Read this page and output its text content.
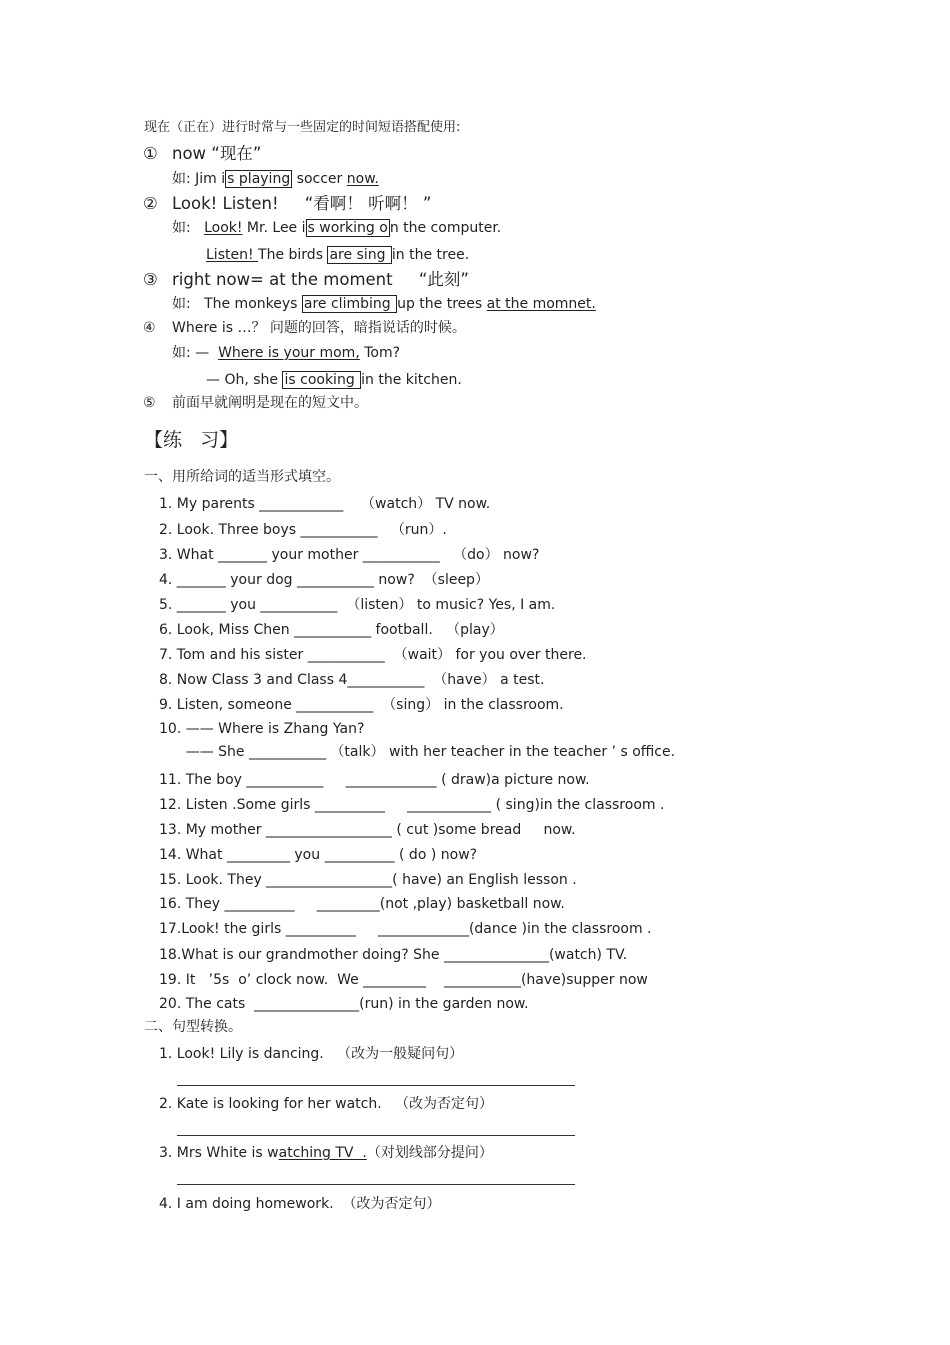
现在（正在）进行时常与一些固定的时间短语搭配使用:
① now “现在”
如: Jim i s playing soccer now.
② Look! Listen!     “看啊！ 听啊！ ”
如:   Look! Mr. Lee i s working o n the computer.
Listen! The birds are sing in the tree.
③ right now= at the moment     “此刻”
如:   The monkeys are climbing up the trees at the momnet.
④ Where is …？ 问题的回答，暗指说话的时候。
如: —  Where is your mom, Tom?
— Oh, she is cooking in the kitchen.
⑤ 前面早就阐明是现在的短文中。
【练   习】
一、用所给词的适当形式填空。
1. My parents ____________    （watch） TV now.
2. Look. Three boys ___________   （run）.
3. What _______ your mother ___________   （do） now?
4. _______ your dog ___________ now?  （sleep）
5. _______ you ___________  （listen） to music? Yes, I am.
6. Look, Miss Chen ___________ football.   （play）
7. Tom and his sister ___________  （wait） for you over there.
8. Now Class 3 and Class 4___________  （have） a test.
9. Listen, someone ___________  （sing） in the classroom.
10. —— Where is Zhang Yan?
—— She ___________ （talk） with her teacher in the teacher ’ s office.
11. The boy ___________     _____________ ( draw)a picture now.
12. Listen .Some girls __________     ____________ ( sing)in the classroom .
13. My mother __________________ ( cut )some bread     now.
14. What _________ you __________ ( do ) now?
15. Look. They __________________( have) an English lesson .
16. They __________     _________(not ,play) basketball now.
17.Look! the girls __________     _____________(dance )in the classroom .
18.What is our grandmother doing? She _______________(watch) TV.
19. It   ’5s  o’ clock now.  We _________    ___________(have)supper now
20. The cats  _______________(run) in the garden now.
二、句型转换。
1. Look! Lily is dancing.   （改为一般疑问句）
2. Kate is looking for her watch.   （改为否定句）
3. Mrs White is watching TV  .（对划线部分提问）
4. I am doing homework.  （改为否定句）
